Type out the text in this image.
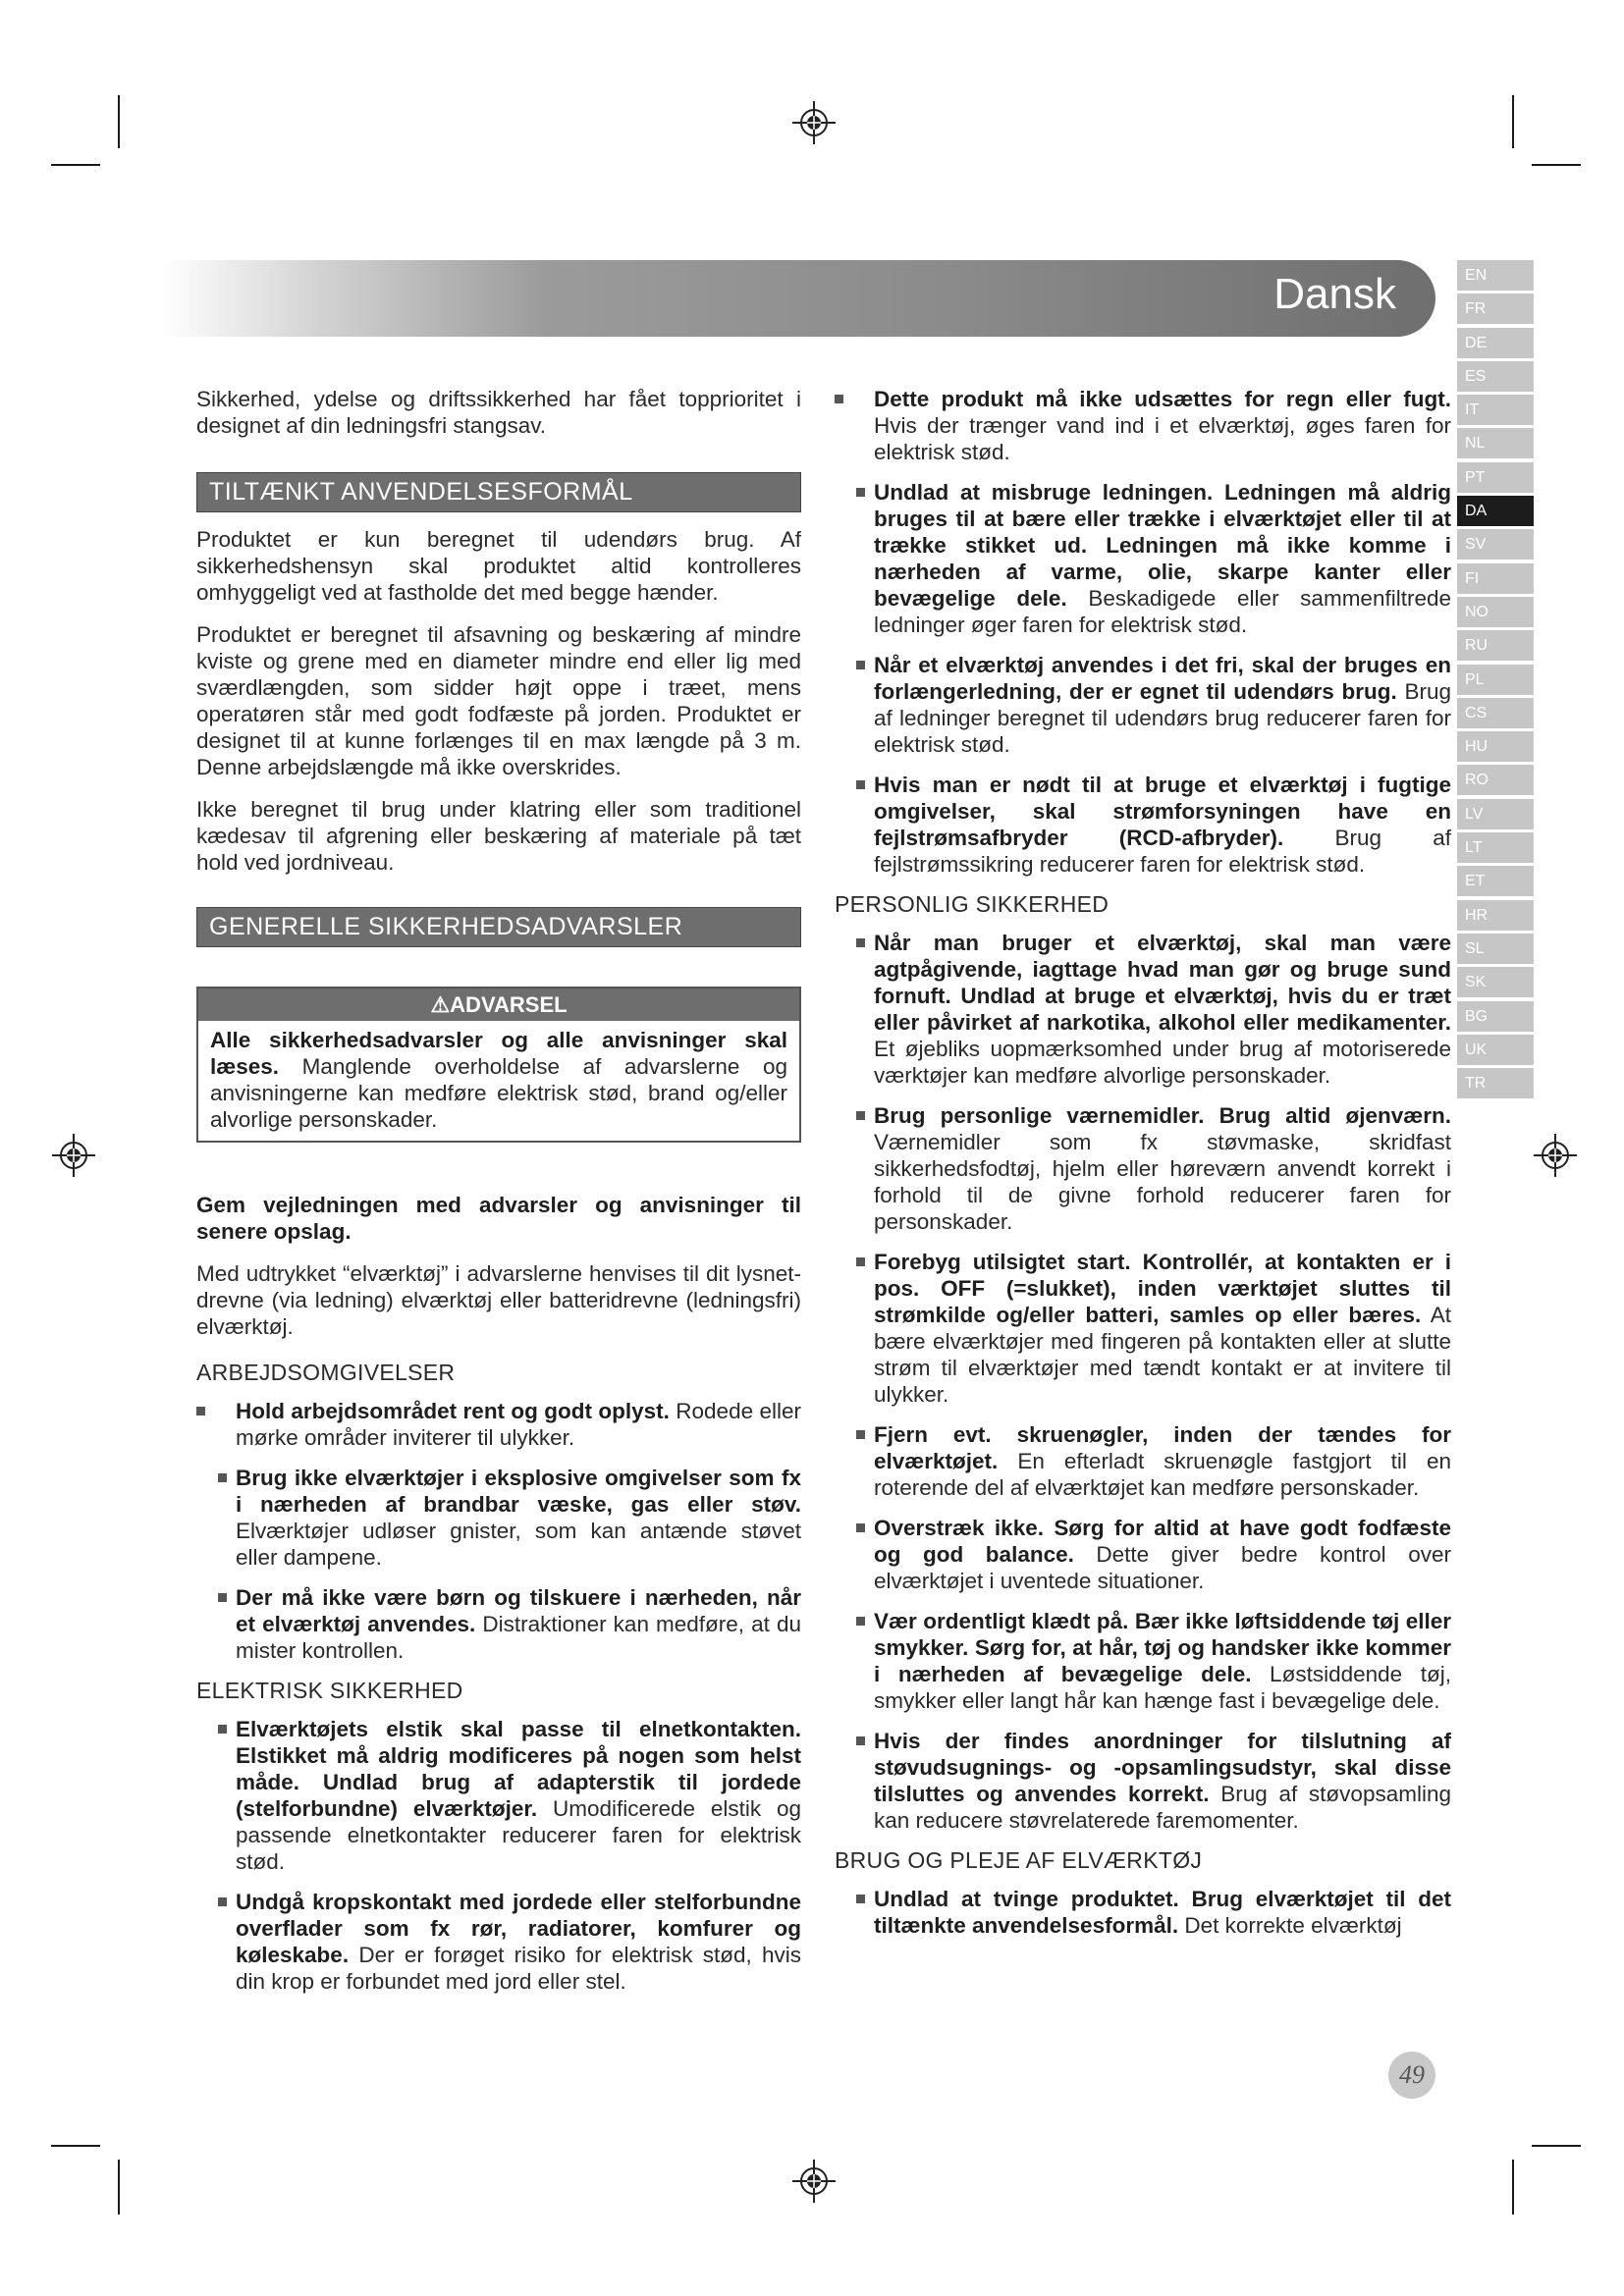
Dansk	EN
FR
DE
ES
IT
NL
PT
DA
SV
FI
NO
RU
PL
CS
HU
RO
LV
LT
ET
HR
SL
SK
BG
UK
TR

Sikkerhed, ydelse og driftssikkerhed har fået topprioritet i designet af din ledningsfri stangsav.

TILTÆNKT ANVENDELSESFORMÅL

Produktet er kun beregnet til udendørs brug. Af sikkerhedshensyn skal produktet altid kontrolleres omhyggeligt ved at fastholde det med begge hænder.

Produktet er beregnet til afsavning og beskæring af mindre kviste og grene med en diameter mindre end eller lig med sværdlængden, som sidder højt oppe i træet, mens operatøren står med godt fodfæste på jorden. Produktet er designet til at kunne forlænges til en max længde på 3 m. Denne arbejdslængde må ikke overskrides.

Ikke beregnet til brug under klatring eller som traditionel kædesav til afgrening eller beskæring af materiale på tæt hold ved jordniveau.

GENERELLE SIKKERHEDSADVARSLER
⚠ADVARSEL
Alle sikkerhedsadvarsler og alle anvisninger skal læses. Manglende overholdelse af advarslerne og anvisningerne kan medføre elektrisk stød, brand og/eller alvorlige personskader.

Gem vejledningen med advarsler og anvisninger til senere opslag.

Med udtrykket “elværktøj” i advarslerne henvises til dit lysnet-drevne (via ledning) elværktøj eller batteridrevne (ledningsfri) elværktøj.

ARBEJDSOMGIVELSER
Hold arbejdsområdet rent og godt oplyst. Rodede eller mørke områder inviterer til ulykker.
Brug ikke elværktøjer i eksplosive omgivelser som fx i nærheden af brandbar væske, gas eller støv. Elværktøjer udløser gnister, som kan antænde støvet eller dampene.
Der må ikke være børn og tilskuere i nærheden, når et elværktøj anvendes. Distraktioner kan medføre, at du mister kontrollen.
ELEKTRISK SIKKERHED
Elværktøjets elstik skal passe til elnetkontakten. Elstikket må aldrig modificeres på nogen som helst måde. Undlad brug af adapterstik til jordede (stelforbundne) elværktøjer. Umodificerede elstik og passende elnetkontakter reducerer faren for elektrisk stød.
Undgå kropskontakt med jordede eller stelforbundne overflader som fx rør, radiatorer, komfurer og køleskabe. Der er forøget risiko for elektrisk stød, hvis din krop er forbundet med jord eller stel.
Dette produkt må ikke udsættes for regn eller fugt. Hvis der trænger vand ind i et elværktøj, øges faren for elektrisk stød.
Undlad at misbruge ledningen. Ledningen må aldrig bruges til at bære eller trække i elværktøjet eller til at trække stikket ud. Ledningen må ikke komme i nærheden af varme, olie, skarpe kanter eller bevægelige dele. Beskadigede eller sammenfiltrede ledninger øger faren for elektrisk stød.
Når et elværktøj anvendes i det fri, skal der bruges en forlængerledning, der er egnet til udendørs brug. Brug af ledninger beregnet til udendørs brug reducerer faren for elektrisk stød.
Hvis man er nødt til at bruge et elværktøj i fugtige omgivelser, skal strømforsyningen have en fejlstrømsafbryder (RCD-afbryder). Brug af fejlstrømssikring reducerer faren for elektrisk stød.
PERSONLIG SIKKERHED
Når man bruger et elværktøj, skal man være agtpågivende, iagttage hvad man gør og bruge sund fornuft. Undlad at bruge et elværktøj, hvis du er træt eller påvirket af narkotika, alkohol eller medikamenter. Et øjebliks uopmærksomhed under brug af motoriserede værktøjer kan medføre alvorlige personskader.
Brug personlige værnemidler. Brug altid øjenværn. Værnemidler som fx støvmaske, skridfast sikkerhedsfodtøj, hjelm eller høreværn anvendt korrekt i forhold til de givne forhold reducerer faren for personskader.
Forebyg utilsigtet start. Kontrollér, at kontakten er i pos. OFF (=slukket), inden værktøjet sluttes til strømkilde og/eller batteri, samles op eller bæres. At bære elværktøjer med fingeren på kontakten eller at slutte strøm til elværktøjer med tændt kontakt er at invitere til ulykker.
Fjern evt. skruenøgler, inden der tændes for elværktøjet. En efterladt skruenøgle fastgjort til en roterende del af elværktøjet kan medføre personskader.
Overstræk ikke. Sørg for altid at have godt fodfæste og god balance. Dette giver bedre kontrol over elværktøjet i uventede situationer.
Vær ordentligt klædt på. Bær ikke løftsiddende tøj eller smykker. Sørg for, at hår, tøj og handsker ikke kommer i nærheden af bevægelige dele. Løstsiddende tøj, smykker eller langt hår kan hænge fast i bevægelige dele.
Hvis der findes anordninger for tilslutning af støvudsugnings- og -opsamlingsudstyr, skal disse tilsluttes og anvendes korrekt. Brug af støvopsamling kan reducere støvrelaterede faremomenter.
BRUG OG PLEJE AF ELVÆRKTØJ
Undlad at tvinge produktet. Brug elværktøjet til det tiltænkte anvendelsesformål. Det korrekte elværktøj
49
